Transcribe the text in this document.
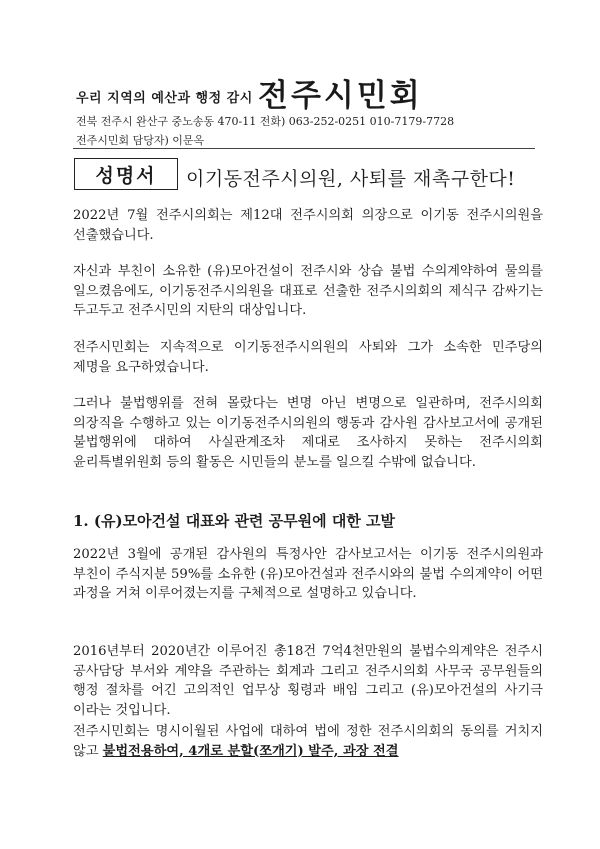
우리 지역의 예산과 행정 감시 전주시민회
전북 전주시 완산구 중노송동 470-11 전화) 063-252-0251 010-7179-7728
전주시민회 담당자) 이문옥
성명서 이기동전주시의원, 사퇴를 재촉구한다!

2022년 7월 전주시의회는 제12대 전주시의회 의장으로 이기동 전주시의원을 선출했습니다.

자신과 부친이 소유한 (유)모아건설이 전주시와 상습 불법 수의계약하여 물의를 일으켰음에도, 이기동전주시의원을 대표로 선출한 전주시의회의 제식구 감싸기는 두고두고 전주시민의 지탄의 대상입니다.

전주시민회는 지속적으로 이기동전주시의원의 사퇴와 그가 소속한 민주당의 제명을 요구하였습니다.

그러나 불법행위를 전혀 몰랐다는 변명 아닌 변명으로 일관하며, 전주시의회 의장직을 수행하고 있는 이기동전주시의원의 행동과 감사원 감사보고서에 공개된 불법행위에 대하여 사실관계조차 제대로 조사하지 못하는 전주시의회 윤리특별위원회 등의 활동은 시민들의 분노를 일으킬 수밖에 없습니다.

1. (유)모아건설 대표와 관련 공무원에 대한 고발

2022년 3월에 공개된 감사원의 특정사안 감사보고서는 이기동 전주시의원과 부친이 주식지분 59%를 소유한 (유)모아건설과 전주시와의 불법 수의계약이 어떤 과정을 거쳐 이루어졌는지를 구체적으로 설명하고 있습니다.

2016년부터 2020년간 이루어진 총18건 7억4천만원의 불법수의계약은 전주시 공사담당 부서와 계약을 주관하는 회계과 그리고 전주시의회 사무국 공무원들의 행정 절차를 어긴 고의적인 업무상 횡령과 배임 그리고 (유)모아건설의 사기극 이라는 것입니다.

전주시민회는 명시이월된 사업에 대하여 법에 정한 전주시의회의 동의를 거치지 않고 불법전용하여, 4개로 분할(쪼개기) 발주, 과장 전결
